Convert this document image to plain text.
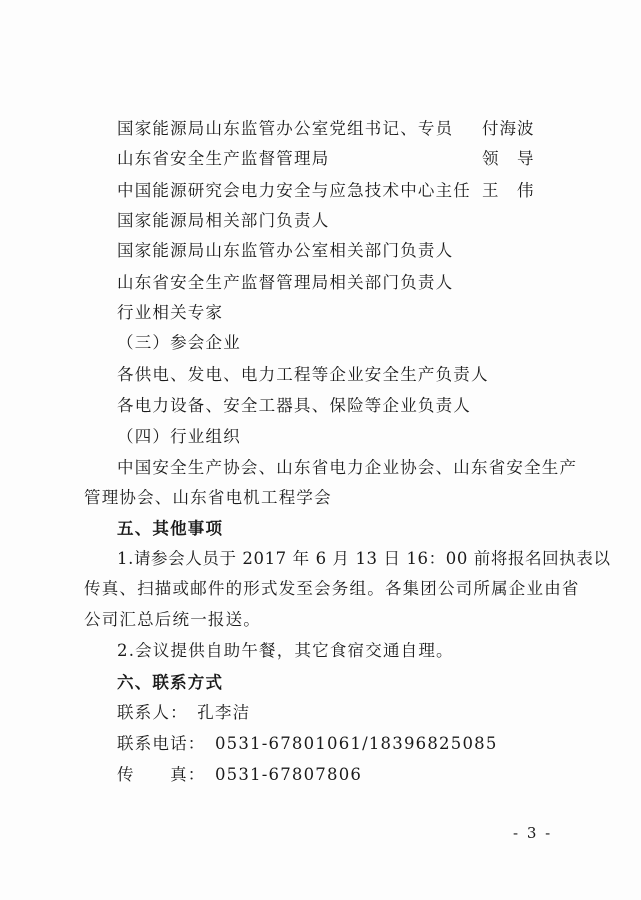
国家能源局山东监管办公室党组书记、专员 付海波
山东省安全生产监督管理局	领　导
中国能源研究会电力安全与应急技术中心主任 王　伟
国家能源局相关部门负责人
国家能源局山东监管办公室相关部门负责人
山东省安全生产监督管理局相关部门负责人
行业相关专家
（三）参会企业
各供电、发电、电力工程等企业安全生产负责人
各电力设备、安全工器具、保险等企业负责人
（四）行业组织
中国安全生产协会、山东省电力企业协会、山东省安全生产
管理协会、山东省电机工程学会
五、其他事项
1.请参会人员于 2017 年 6 月 13 日 16：00 前将报名回执表以
传真、扫描或邮件的形式发至会务组。各集团公司所属企业由省
公司汇总后统一报送。
2.会议提供自助午餐，其它食宿交通自理。
六、联系方式
联系人：　孔李洁
联系电话：　0531-67801061/18396825085
传　　真：　0531-67807806
- 3 -
